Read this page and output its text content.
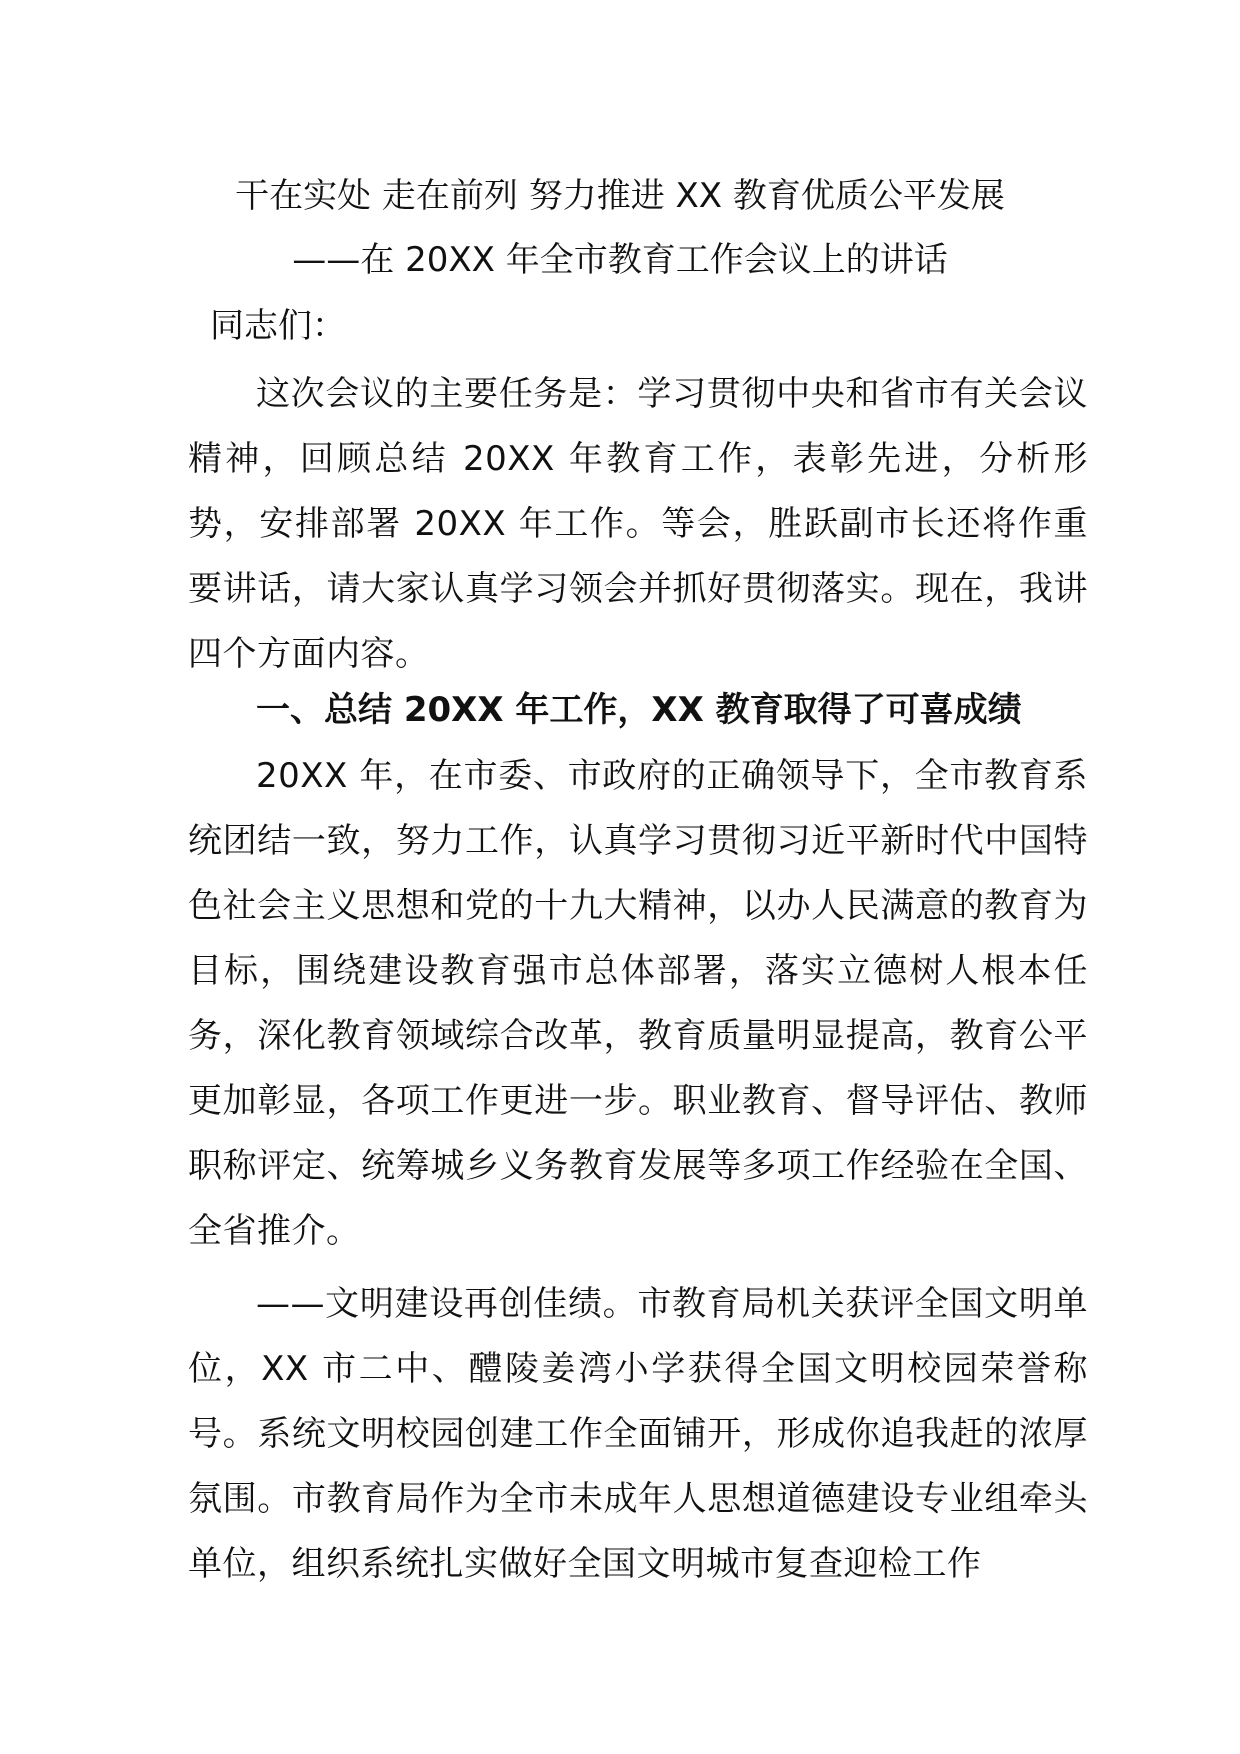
干在实处 走在前列 努力推进 XX 教育优质公平发展
——在 20XX 年全市教育工作会议上的讲话
同志们：
这次会议的主要任务是：学习贯彻中央和省市有关会议精神，回顾总结 20XX 年教育工作，表彰先进，分析形势，安排部署 20XX 年工作。等会，胜跃副市长还将作重要讲话，请大家认真学习领会并抓好贯彻落实。现在，我讲四个方面内容。
一、总结 20XX 年工作，XX 教育取得了可喜成绩
20XX 年，在市委、市政府的正确领导下，全市教育系统团结一致，努力工作，认真学习贯彻习近平新时代中国特色社会主义思想和党的十九大精神，以办人民满意的教育为目标，围绕建设教育强市总体部署，落实立德树人根本任务，深化教育领域综合改革，教育质量明显提高，教育公平更加彰显，各项工作更进一步。职业教育、督导评估、教师职称评定、统筹城乡义务教育发展等多项工作经验在全国、全省推介。
——文明建设再创佳绩。市教育局机关获评全国文明单位，XX 市二中、醴陵姜湾小学获得全国文明校园荣誉称号。系统文明校园创建工作全面铺开，形成你追我赶的浓厚氛围。市教育局作为全市未成年人思想道德建设专业组牵头单位，组织系统扎实做好全国文明城市复查迎检工作
